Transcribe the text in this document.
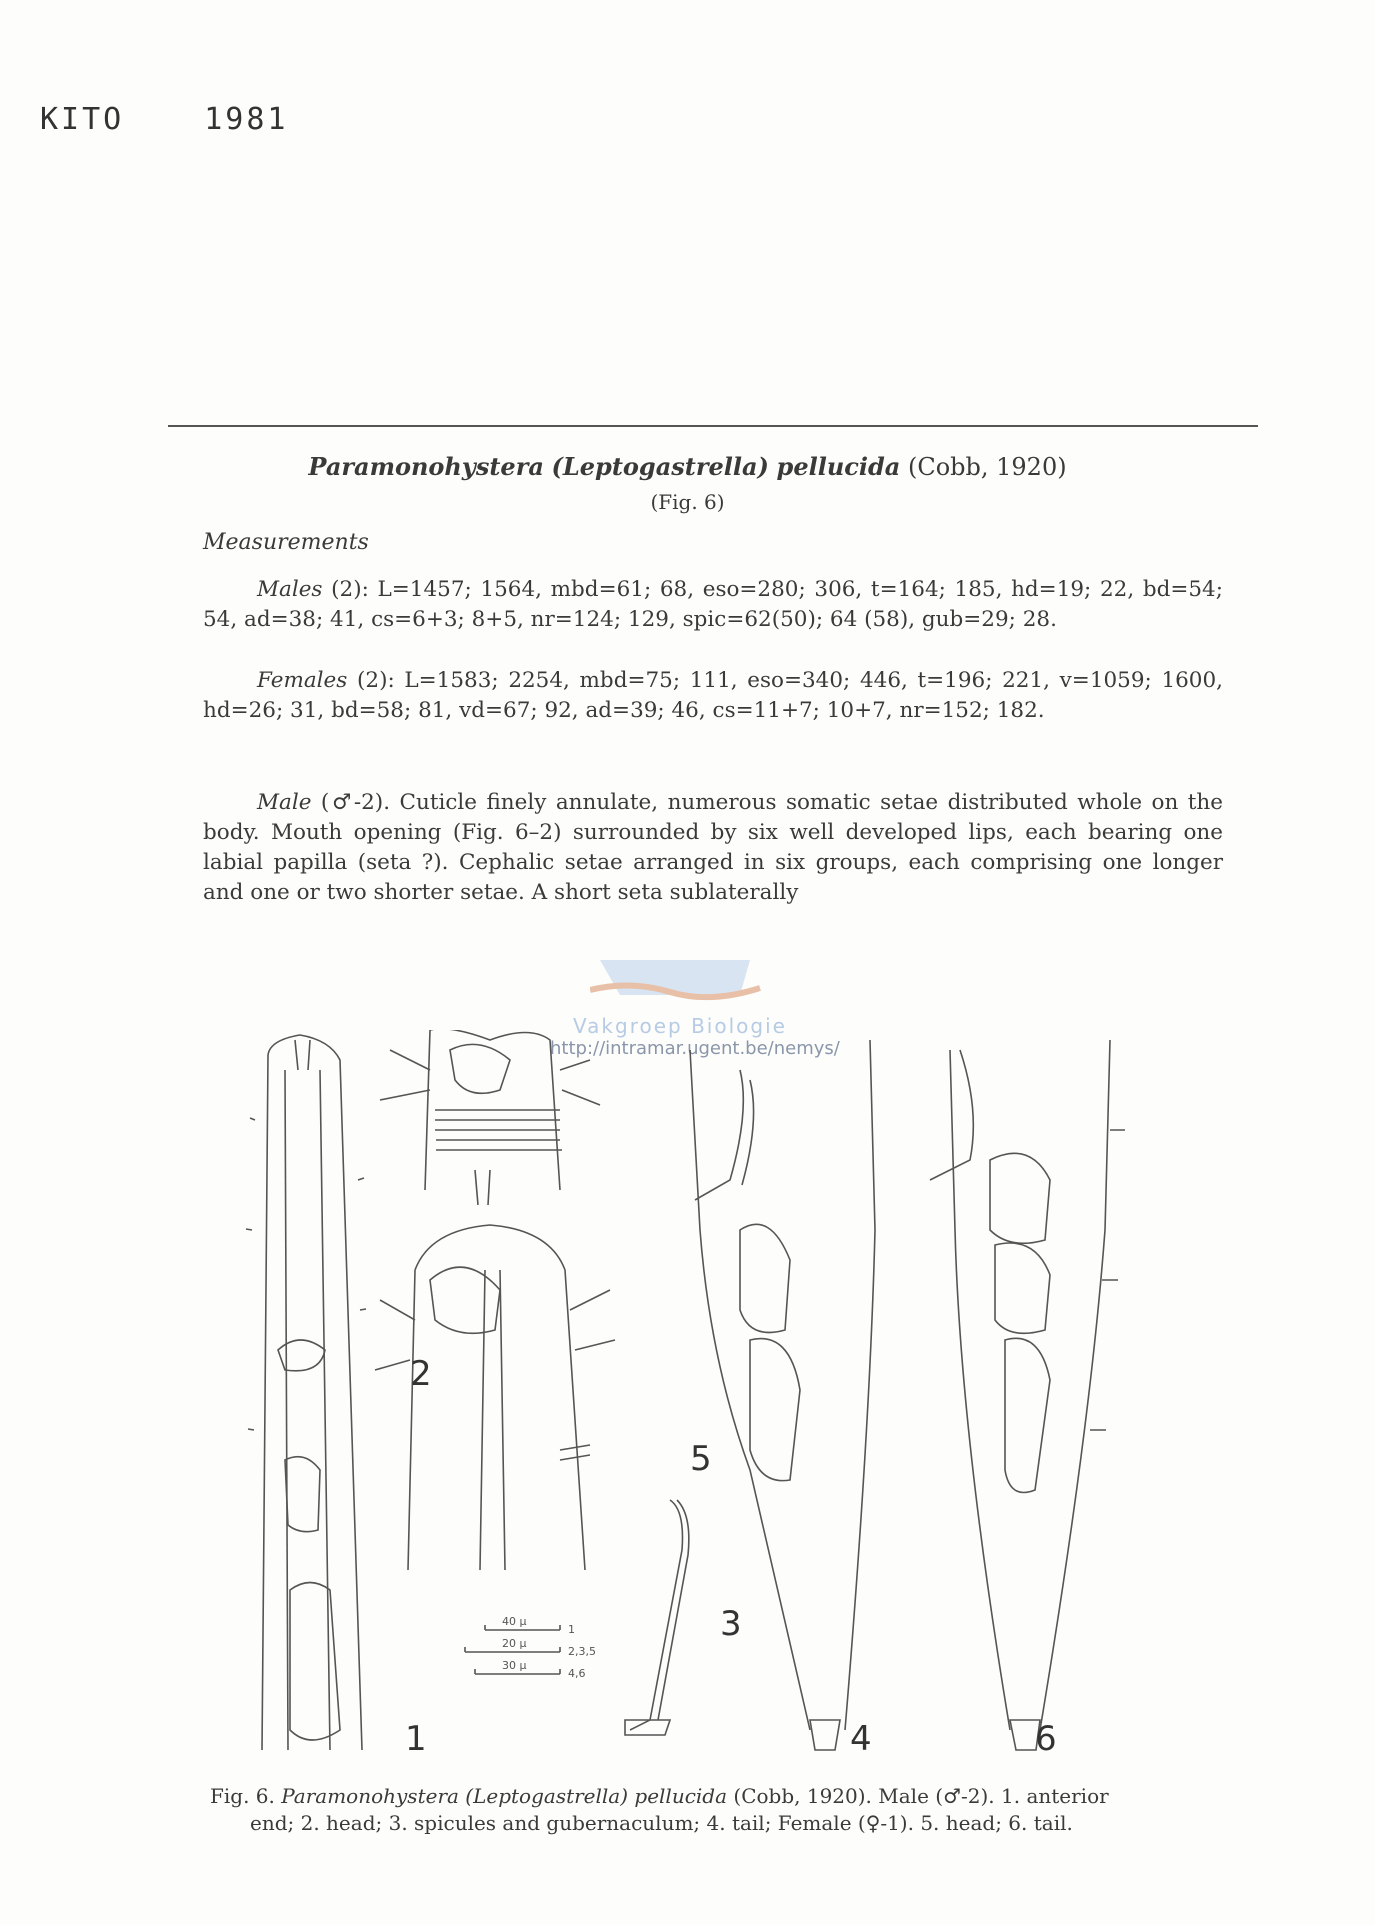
KITO	1981
Paramonohystera (Leptogastrella) pellucida (Cobb, 1920)
(Fig. 6)
Measurements
Males (2): L=1457; 1564, mbd=61; 68, eso=280; 306, t=164; 185, hd=19; 22, bd=54; 54, ad=38; 41, cs=6+3; 8+5, nr=124; 129, spic=62(50); 64 (58), gub=29; 28.
Females (2): L=1583; 2254, mbd=75; 111, eso=340; 446, t=196; 221, v=1059; 1600, hd=26; 31, bd=58; 81, vd=67; 92, ad=39; 46, cs=11+7; 10+7, nr=152; 182.
Male (♂-2). Cuticle finely annulate, numerous somatic setae distributed whole on the body. Mouth opening (Fig. 6–2) surrounded by six well developed lips, each bearing one labial papilla (seta ?). Cephalic setae arranged in six groups, each comprising one longer and one or two shorter setae. A short seta sublaterally
Vakgroep Biologie
http://intramar.ugent.be/nemys/
40 μ
1
20 μ
2,3,5
30 μ
4,6
2
5
3
1	4	6
Fig. 6. Paramonohystera (Leptogastrella) pellucida (Cobb, 1920). Male (♂-2). 1. anterior
end; 2. head; 3. spicules and gubernaculum; 4. tail; Female (♀-1). 5. head; 6. tail.
